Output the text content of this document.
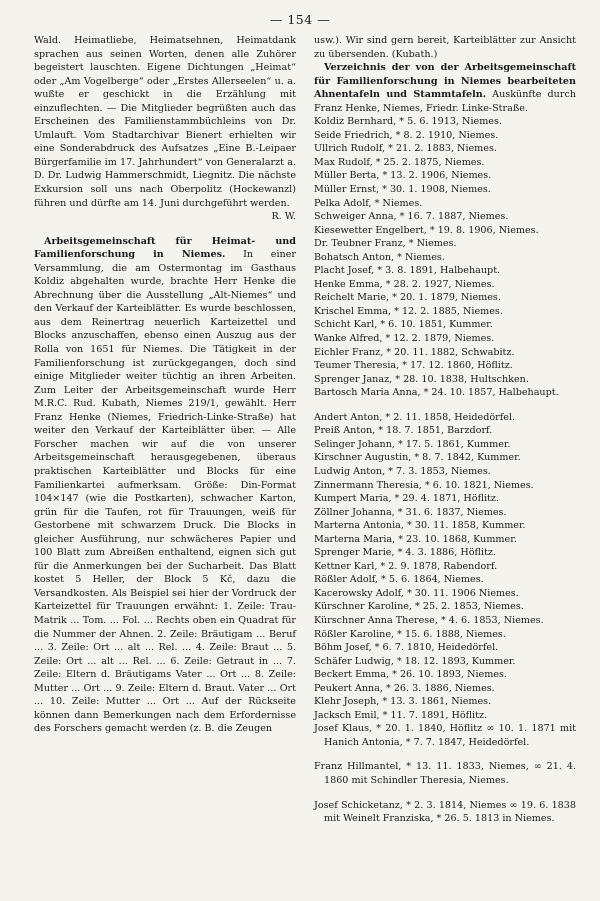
— 154 —

Wald. Heimatliebe, Heimatsehnen, Heimatdank sprachen aus seinen Worten, denen alle Zuhörer begeistert lauschten. Eigene Dichtungen „Heimat“ oder „Am Vogelberge“ oder „Erstes Allerseelen“ u. a. wußte er geschickt in die Erzählung mit einzuflechten. — Die Mitglieder begrüßten auch das Erscheinen des Familienstammbüchleins von Dr. Umlauft. Vom Stadtarchivar Bienert erhielten wir eine Sonderabdruck des Aufsatzes „Eine B.-Leipaer Bürgerfamilie im 17. Jahrhundert“ von Generalarzt a. D. Dr. Ludwig Hammerschmidt, Liegnitz. Die nächste Exkursion soll uns nach Oberpolitz (Hockewanzl) führen und dürfte am 14. Juni durchgeführt werden.

R. W.

Arbeitsgemeinschaft für Heimat- und Familienforschung in Niemes. In einer Versammlung, die am Ostermontag im Gasthaus Koldiz abgehalten wurde, brachte Herr Henke die Abrechnung über die Ausstellung „Alt-Niemes“ und den Verkauf der Karteiblätter. Es wurde beschlossen, aus dem Reinertrag neuerlich Karteizettel und Blocks anzuschaffen, ebenso einen Auszug aus der Rolla von 1651 für Niemes. Die Tätigkeit in der Familienforschung ist zurückgegangen, doch sind einige Mitglieder weiter tüchtig an ihren Arbeiten. Zum Leiter der Arbeitsgemeinschaft wurde Herr M.R.C. Rud. Kubath, Niemes 219/1, gewählt. Herr Franz Henke (Niemes, Friedrich-Linke-Straße) hat weiter den Verkauf der Karteiblätter über. — Alle Forscher machen wir auf die von unserer Arbeitsgemeinschaft herausgegebenen, überaus praktischen Karteiblätter und Blocks für eine Familienkartei aufmerksam. Größe: Din-Format 104×147 (wie die Postkarten), schwacher Karton, grün für die Taufen, rot für Trauungen, weiß für Gestorbene mit schwarzem Druck. Die Blocks in gleicher Ausführung, nur schwächeres Papier und 100 Blatt zum Abreißen enthaltend, eignen sich gut für die Anmerkungen bei der Sucharbeit. Das Blatt kostet 5 Heller, der Block 5 Kč, dazu die Versandkosten. Als Beispiel sei hier der Vordruck der Karteizettel für Trauungen erwähnt: 1. Zeile: Trau-Matrik ... Tom. ... Fol. ... Rechts oben ein Quadrat für die Nummer der Ahnen. 2. Zeile: Bräutigam ... Beruf ... 3. Zeile: Ort ... alt ... Rel. ... 4. Zeile: Braut ... 5. Zeile: Ort ... alt ... Rel. ... 6. Zeile: Getraut in ... 7. Zeile: Eltern d. Bräutigams Vater ... Ort ... 8. Zeile: Mutter ... Ort ... 9. Zeile: Eltern d. Braut. Vater ... Ort ... 10. Zeile: Mutter ... Ort ... Auf der Rückseite können dann Bemerkungen nach dem Erfordernisse des Forschers gemacht werden (z. B. die Zeugen

usw.). Wir sind gern bereit, Karteiblätter zur Ansicht zu übersenden. (Kubath.)

Verzeichnis der von der Arbeitsgemeinschaft für Familienforschung in Niemes bearbeiteten Ahnentafeln und Stammtafeln. Auskünfte durch Franz Henke, Niemes, Friedr. Linke-Straße.

Koldiz Bernhard, * 5. 6. 1913, Niemes.
Seide Friedrich, * 8. 2. 1910, Niemes.
Ullrich Rudolf, * 21. 2. 1883, Niemes.
Max Rudolf, * 25. 2. 1875, Niemes.
Müller Berta, * 13. 2. 1906, Niemes.
Müller Ernst, * 30. 1. 1908, Niemes.
Pelka Adolf, * Niemes.
Schweiger Anna, * 16. 7. 1887, Niemes.
Kiesewetter Engelbert, * 19. 8. 1906, Niemes.
Dr. Teubner Franz, * Niemes.
Bohatsch Anton, * Niemes.
Placht Josef, * 3. 8. 1891, Halbehaupt.
Henke Emma, * 28. 2. 1927, Niemes.
Reichelt Marie, * 20. 1. 1879, Niemes.
Krischel Emma, * 12. 2. 1885, Niemes.
Schicht Karl, * 6. 10. 1851, Kummer.
Wanke Alfred, * 12. 2. 1879, Niemes.
Eichler Franz, * 20. 11. 1882, Schwabitz.
Teumer Theresia, * 17. 12. 1860, Höflitz.
Sprenger Janaz, * 28. 10. 1838, Hultschken.
Bartosch Maria Anna, * 24. 10. 1857, Halbehaupt.
Andert Anton, * 2. 11. 1858, Heidedörfel.
Preiß Anton, * 18. 7. 1851, Barzdorf.
Selinger Johann, * 17. 5. 1861, Kummer.
Kirschner Augustin, * 8. 7. 1842, Kummer.
Ludwig Anton, * 7. 3. 1853, Niemes.
Zinnermann Theresia, * 6. 10. 1821, Niemes.
Kumpert Maria, * 29. 4. 1871, Höflitz.
Zöllner Johanna, * 31. 6. 1837, Niemes.
Marterna Antonia, * 30. 11. 1858, Kummer.
Marterna Maria, * 23. 10. 1868, Kummer.
Sprenger Marie, * 4. 3. 1886, Höflitz.
Kettner Karl, * 2. 9. 1878, Rabendorf.
Rößler Adolf, * 5. 6. 1864, Niemes.
Kacerowsky Adolf, * 30. 11. 1906 Niemes.
Kürschner Karoline, * 25. 2. 1853, Niemes.
Kürschner Anna Therese, * 4. 6. 1853, Niemes.
Rößler Karoline, * 15. 6. 1888, Niemes.
Böhm Josef, * 6. 7. 1810, Heidedörfel.
Schäfer Ludwig, * 18. 12. 1893, Kummer.
Beckert Emma, * 26. 10. 1893, Niemes.
Peukert Anna, * 26. 3. 1886, Niemes.
Klehr Joseph, * 13. 3. 1861, Niemes.
Jacksch Emil, * 11. 7. 1891, Höflitz.
Josef Klaus, * 20. 1. 1840, Höflitz ∞ 10. 1. 1871 mit Hanich Antonia, * 7. 7. 1847, Heidedörfel.
Franz Hillmantel, * 13. 11. 1833, Niemes, ∞ 21. 4. 1860 mit Schindler Theresia, Niemes.
Josef Schicketanz, * 2. 3. 1814, Niemes ∞ 19. 6. 1838 mit Weinelt Franziska, * 26. 5. 1813 in Niemes.
